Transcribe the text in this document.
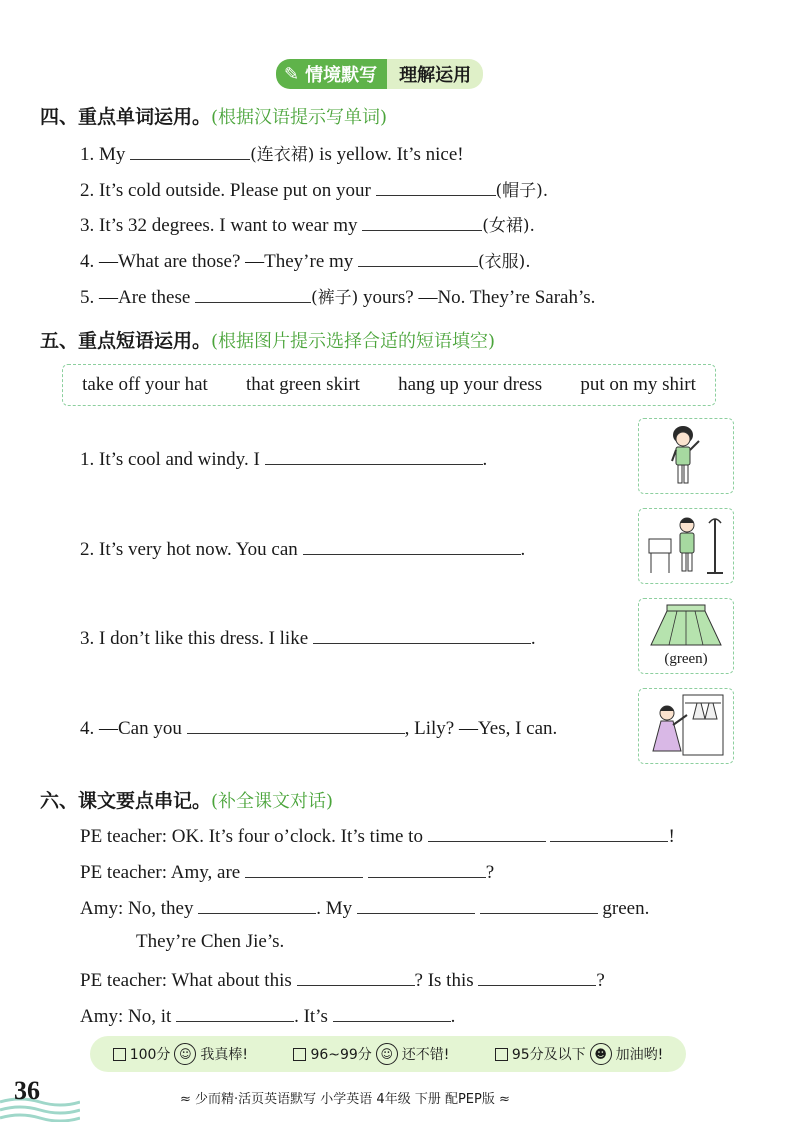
✎ 情境默写	理解运用
四、重点单词运用。(根据汉语提示写单词)
1. My	(连衣裙) is yellow. It’s nice!
2. It’s cold outside. Please put on your	(帽子).
3. It’s 32 degrees. I want to wear my	(女裙).
4. —What are those? —They’re my	(衣服).
5. —Are these	(裤子) yours? —No. They’re Sarah’s.
五、重点短语运用。(根据图片提示选择合适的短语填空)
take off your hat that green skirt hang up your dress put on my shirt
1. It’s cool and windy. I	.
2. It’s very hot now. You can	.
3. I don’t like this dress. I like	.
4. —Can you	, Lily? —Yes, I can.
(green)
六、课文要点串记。(补全课文对话)
PE teacher: OK. It’s four o’clock. It’s time to	!
PE teacher: Amy, are	?
Amy: No, they	. My	green.
They’re Chen Jie’s.
PE teacher: What about this	? Is this	?
Amy: No, it	. It’s	.
100分 ☺ 我真棒!	96~99分 ☺ 还不错!	95分及以下 ☻ 加油哟!
36	≈ 少而精·活页英语默写 小学英语 4年级 下册 配PEP版 ≈
